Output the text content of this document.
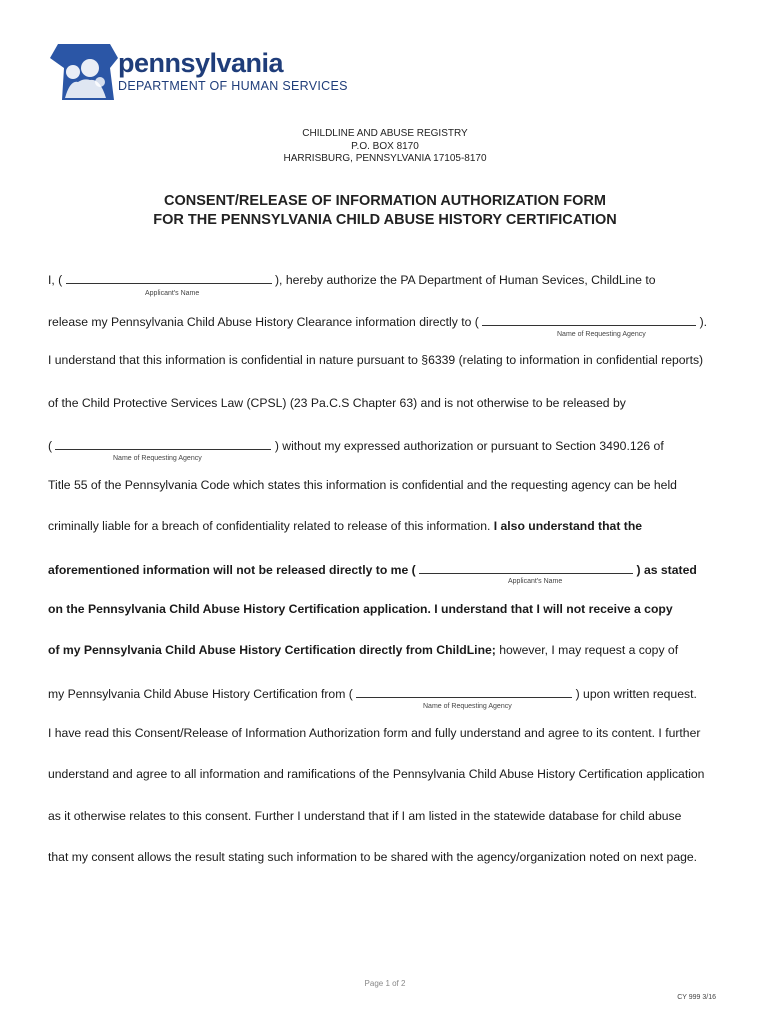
pennsylvania
DEPARTMENT OF HUMAN SERVICES
CHILDLINE AND ABUSE REGISTRY
P.O. BOX 8170
HARRISBURG, PENNSYLVANIA 17105-8170
CONSENT/RELEASE OF INFORMATION AUTHORIZATION FORM
FOR THE PENNSYLVANIA CHILD ABUSE HISTORY CERTIFICATION
I, (	), hereby authorize the PA Department of Human Sevices, ChildLine to
Applicant's Name
release my Pennsylvania Child Abuse History Clearance information directly to (	).
Name of Requesting Agency
I understand that this information is confidential in nature pursuant to §6339 (relating to information in confidential reports)
of the Child Protective Services Law (CPSL) (23 Pa.C.S Chapter 63) and is not otherwise to be released by
(	) without my expressed authorization or pursuant to Section 3490.126 of
Name of Requesting Agency
Title 55 of the Pennsylvania Code which states this information is confidential and the requesting agency can be held
criminally liable for a breach of confidentiality related to release of this information. I also understand that the
aforementioned information will not be released directly to me (	) as stated
Applicant's Name
on the Pennsylvania Child Abuse History Certification application. I understand that I will not receive a copy
of my Pennsylvania Child Abuse History Certification directly from ChildLine; however, I may request a copy of
my Pennsylvania Child Abuse History Certification from (	) upon written request.
Name of Requesting Agency
I have read this Consent/Release of Information Authorization form and fully understand and agree to its content. I further
understand and agree to all information and ramifications of the Pennsylvania Child Abuse History Certification application
as it otherwise relates to this consent. Further I understand that if I am listed in the statewide database for child abuse
that my consent allows the result stating such information to be shared with the agency/organization noted on next page.
Page 1 of 2
CY 999 3/16
